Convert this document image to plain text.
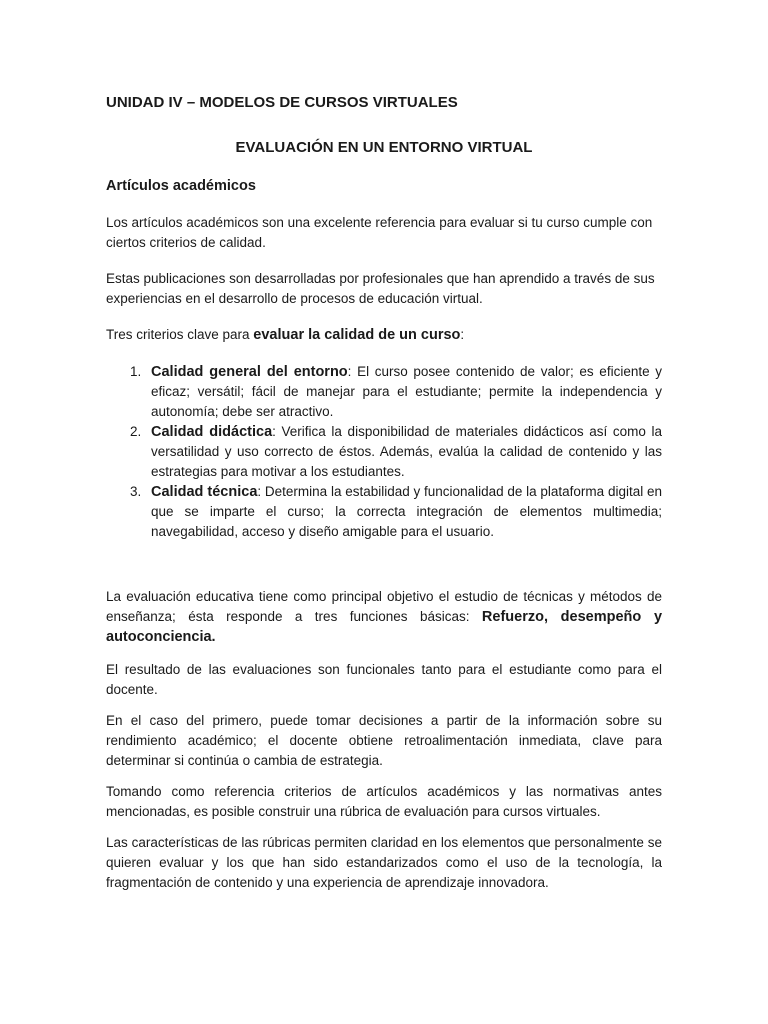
UNIDAD IV – MODELOS DE CURSOS VIRTUALES
EVALUACIÓN EN UN ENTORNO VIRTUAL
Artículos académicos

Los artículos académicos son una excelente referencia para evaluar si tu curso cumple con ciertos criterios de calidad.

Estas publicaciones son desarrolladas por profesionales que han aprendido a través de sus experiencias en el desarrollo de procesos de educación virtual.

Tres criterios clave para evaluar la calidad de un curso:

1. Calidad general del entorno: El curso posee contenido de valor; es eficiente y eficaz; versátil; fácil de manejar para el estudiante; permite la independencia y autonomía; debe ser atractivo.
2. Calidad didáctica: Verifica la disponibilidad de materiales didácticos así como la versatilidad y uso correcto de éstos. Además, evalúa la calidad de contenido y las estrategias para motivar a los estudiantes.
3. Calidad técnica: Determina la estabilidad y funcionalidad de la plataforma digital en que se imparte el curso; la correcta integración de elementos multimedia; navegabilidad, acceso y diseño amigable para el usuario.

La evaluación educativa tiene como principal objetivo el estudio de técnicas y métodos de enseñanza; ésta responde a tres funciones básicas: Refuerzo, desempeño y autoconciencia.

El resultado de las evaluaciones son funcionales tanto para el estudiante como para el docente.

En el caso del primero, puede tomar decisiones a partir de la información sobre su rendimiento académico; el docente obtiene retroalimentación inmediata, clave para determinar si continúa o cambia de estrategia.

Tomando como referencia criterios de artículos académicos y las normativas antes mencionadas, es posible construir una rúbrica de evaluación para cursos virtuales.

Las características de las rúbricas permiten claridad en los elementos que personalmente se quieren evaluar y los que han sido estandarizados como el uso de la tecnología, la fragmentación de contenido y una experiencia de aprendizaje innovadora.
